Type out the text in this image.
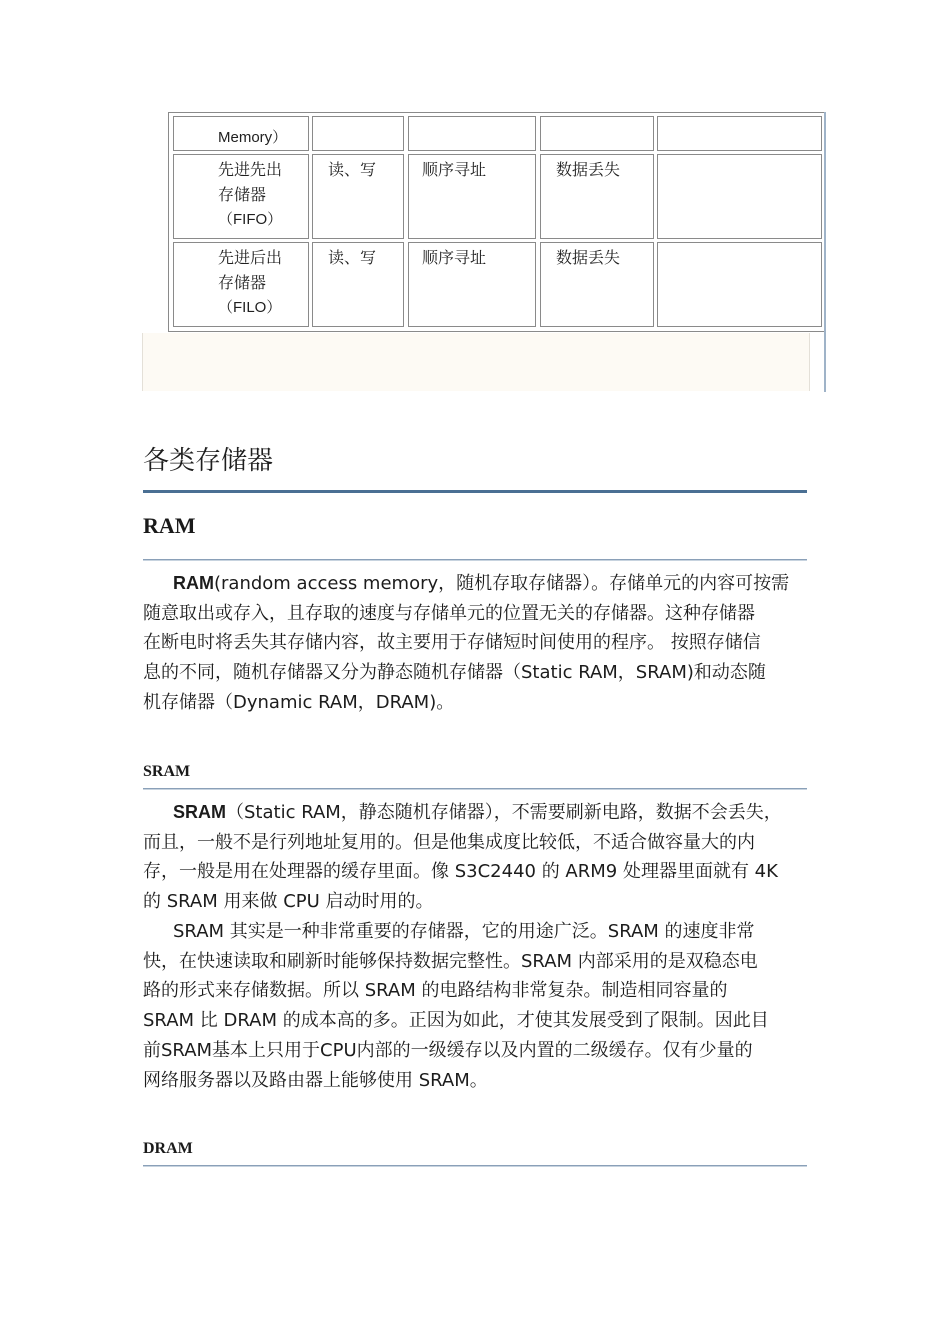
Memory）
先进先出
存储器
（FIFO）
读、写	顺序寻址	数据丢失
先进后出
存储器
（FILO）
读、写	顺序寻址	数据丢失
各类存储器
RAM
RAM(random access memory，随机存取存储器）。存储单元的内容可按需
随意取出或存入，且存取的速度与存储单元的位置无关的存储器。这种存储器
在断电时将丢失其存储内容，故主要用于存储短时间使用的程序。 按照存储信
息的不同，随机存储器又分为静态随机存储器（Static RAM，SRAM)和动态随
机存储器（Dynamic RAM，DRAM)。
SRAM
SRAM（Static RAM，静态随机存储器），不需要刷新电路，数据不会丢失，
而且，一般不是行列地址复用的。但是他集成度比较低，不适合做容量大的内
存，一般是用在处理器的缓存里面。像 S3C2440 的 ARM9 处理器里面就有 4K
的 SRAM 用来做 CPU 启动时用的。
SRAM 其实是一种非常重要的存储器，它的用途广泛。SRAM 的速度非常
快，在快速读取和刷新时能够保持数据完整性。SRAM 内部采用的是双稳态电
路的形式来存储数据。所以 SRAM 的电路结构非常复杂。制造相同容量的
SRAM 比 DRAM 的成本高的多。正因为如此，才使其发展受到了限制。因此目
前SRAM基本上只用于CPU内部的一级缓存以及内置的二级缓存。仅有少量的
网络服务器以及路由器上能够使用 SRAM。
DRAM
